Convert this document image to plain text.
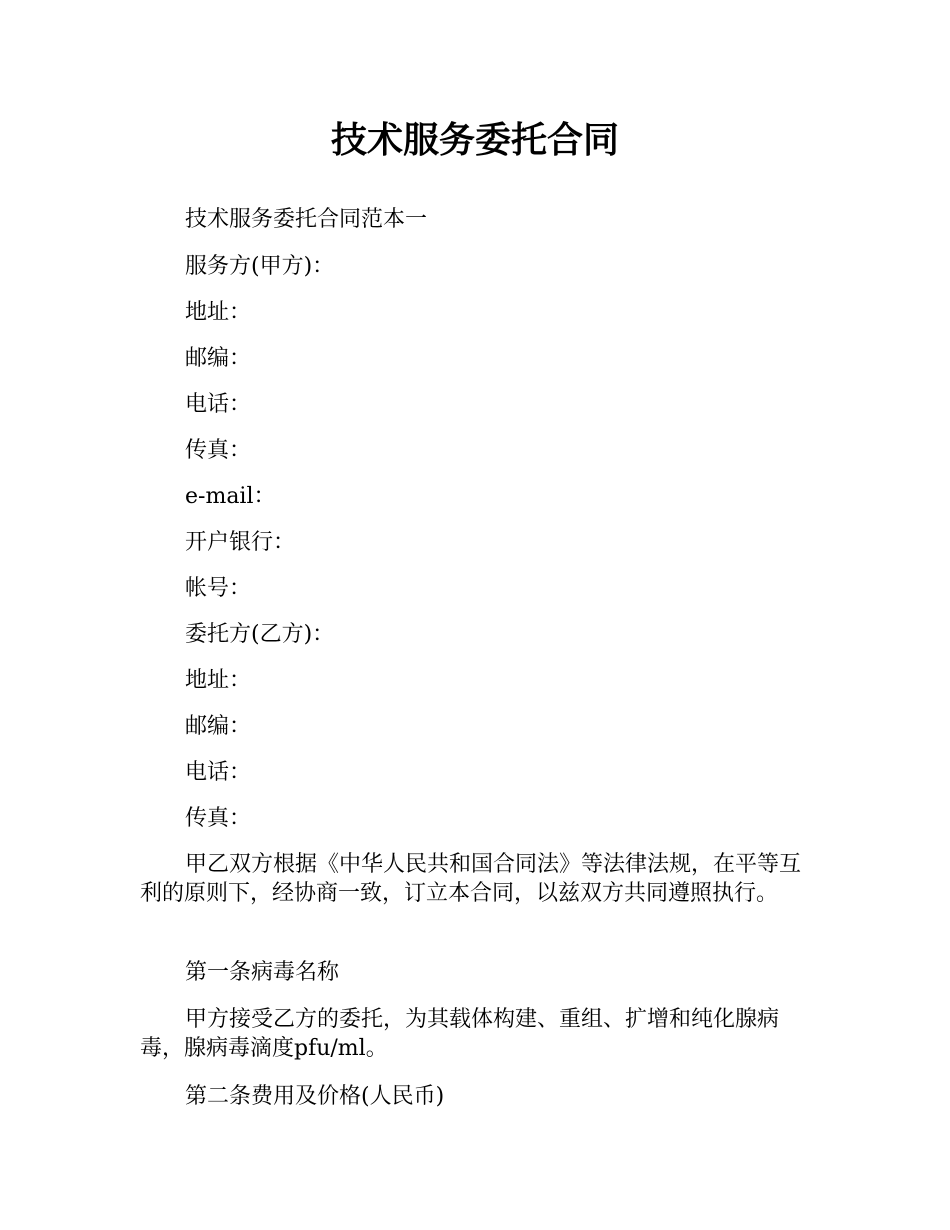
技术服务委托合同

技术服务委托合同范本一

服务方(甲方)：

地址：

邮编：

电话：

传真：

e-mail：

开户银行：

帐号：

委托方(乙方)：

地址：

邮编：

电话：

传真：

甲乙双方根据《中华人民共和国合同法》等法律法规，在平等互利的原则下，经协商一致，订立本合同，以兹双方共同遵照执行。

第一条病毒名称

甲方接受乙方的委托，为其载体构建、重组、扩增和纯化腺病毒，腺病毒滴度pfu/ml。

第二条费用及价格(人民币)
